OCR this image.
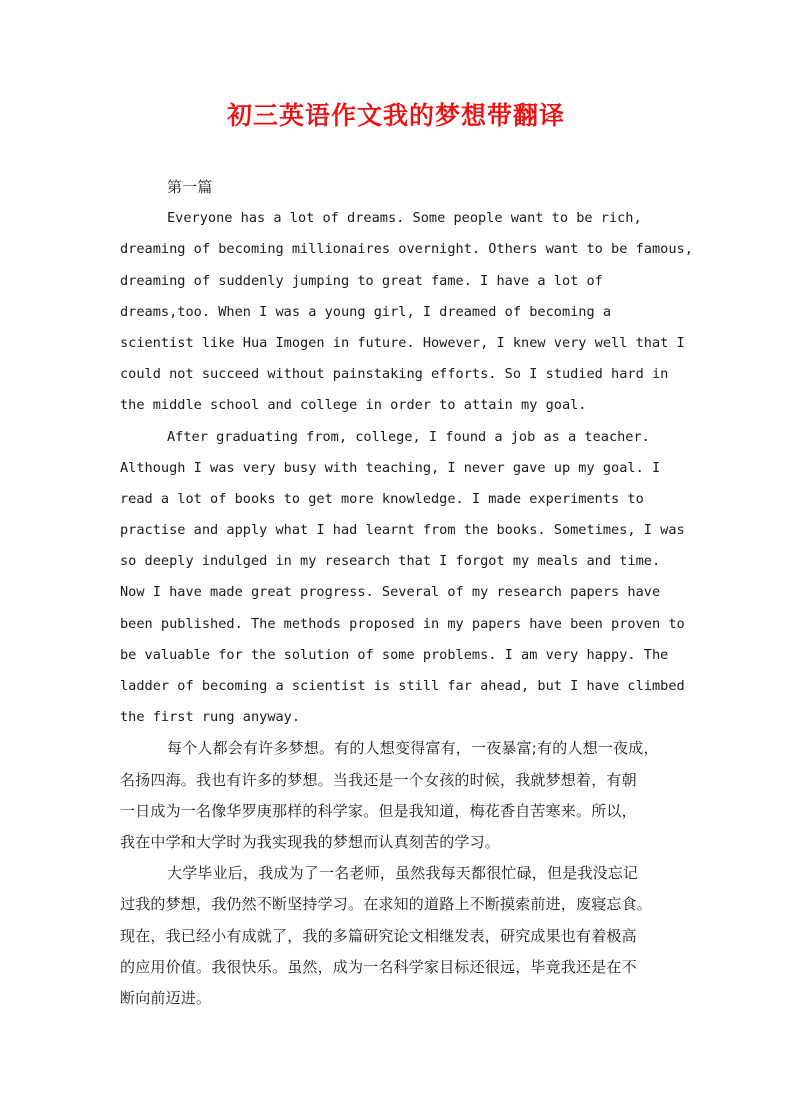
初三英语作文我的梦想带翻译
第一篇
Everyone has a lot of dreams. Some people want to be rich,
dreaming of becoming millionaires overnight. Others want to be famous,
dreaming of suddenly jumping to great fame. I have a lot of
dreams,too. When I was a young girl, I dreamed of becoming a
scientist like Hua Imogen in future. However, I knew very well that I
could not succeed without painstaking efforts. So I studied hard in
the middle school and college in order to attain my goal.
After graduating from, college, I found a job as a teacher.
Although I was very busy with teaching, I never gave up my goal. I
read a lot of books to get more knowledge. I made experiments to
practise and apply what I had learnt from the books. Sometimes, I was
so deeply indulged in my research that I forgot my meals and time.
Now I have made great progress. Several of my research papers have
been published. The methods proposed in my papers have been proven to
be valuable for the solution of some problems. I am very happy. The
ladder of becoming a scientist is still far ahead, but I have climbed
the first rung anyway.
每个人都会有许多梦想。有的人想变得富有，一夜暴富;有的人想一夜成，
名扬四海。我也有许多的梦想。当我还是一个女孩的时候，我就梦想着，有朝
一日成为一名像华罗庚那样的科学家。但是我知道，梅花香自苦寒来。所以，
我在中学和大学时为我实现我的梦想而认真刻苦的学习。
大学毕业后，我成为了一名老师，虽然我每天都很忙碌，但是我没忘记
过我的梦想，我仍然不断坚持学习。在求知的道路上不断摸索前进，废寝忘食。
现在，我已经小有成就了，我的多篇研究论文相继发表，研究成果也有着极高
的应用价值。我很快乐。虽然，成为一名科学家目标还很远，毕竟我还是在不
断向前迈进。
